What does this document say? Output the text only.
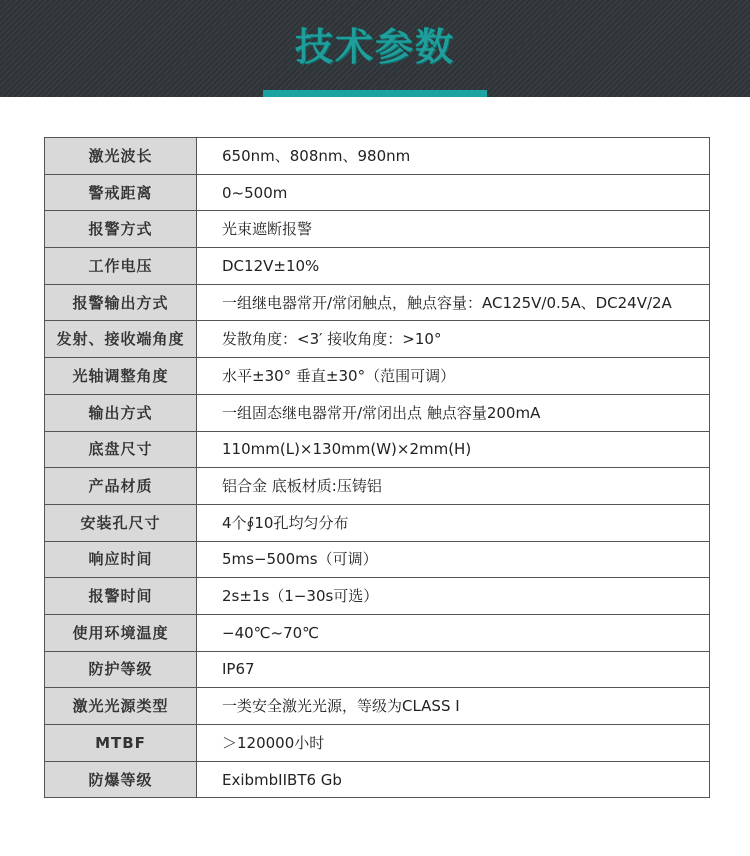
技术参数
激光波长	650nm、808nm、980nm
警戒距离	0~500m
报警方式	光束遮断报警
工作电压	DC12V±10%
报警输出方式	一组继电器常开/常闭触点，触点容量：AC125V/0.5A、DC24V/2A
发射、接收端角度	发散角度：<3′ 接收角度：>10°
光轴调整角度	水平±30° 垂直±30°（范围可调）
输出方式	一组固态继电器常开/常闭出点 触点容量200mA
底盘尺寸	110mm(L)×130mm(W)×2mm(H)
产品材质	铝合金 底板材质:压铸铝
安装孔尺寸	4个∮10孔均匀分布
响应时间	5ms−500ms（可调）
报警时间	2s±1s（1−30s可选）
使用环境温度	−40℃~70℃
防护等级	IP67
激光光源类型	一类安全激光光源，等级为CLASS Ⅰ
MTBF	＞120000小时
防爆等级	ExibmbIIBT6 Gb
